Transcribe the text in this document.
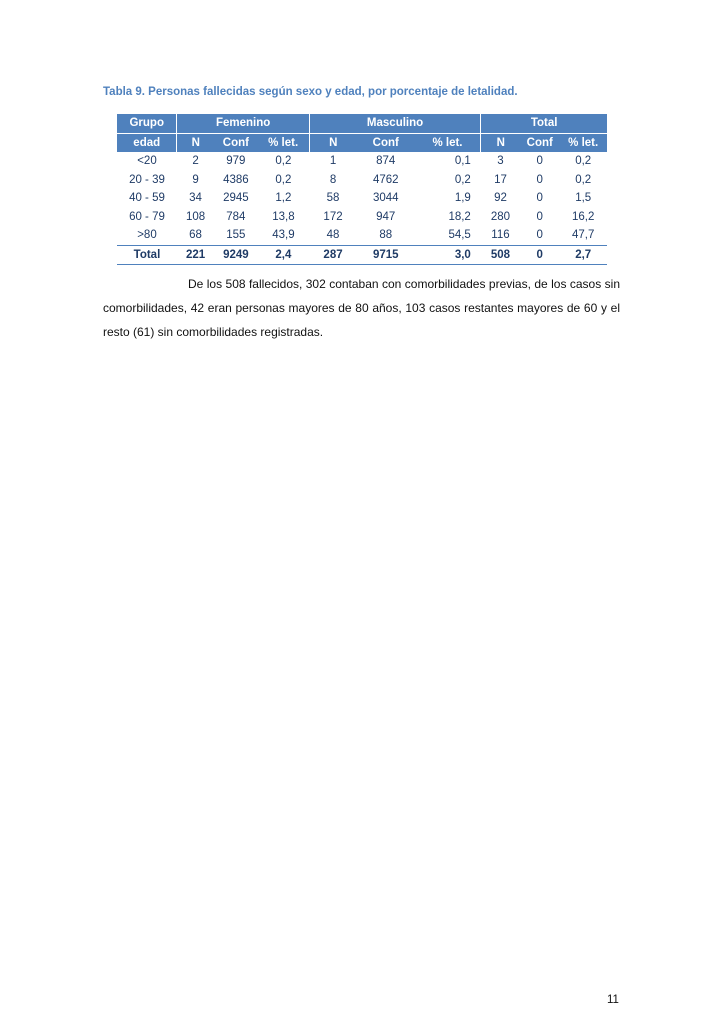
Tabla 9. Personas fallecidas según sexo y edad, por porcentaje de letalidad.
Grupo	Femenino			Masculino			Total		
edad	N	Conf	% let.	N	Conf	% let.	N	Conf	% let.
<20	2	979	0,2	1	874	0,1	3	0	0,2
20 - 39	9	4386	0,2	8	4762	0,2	17	0	0,2
40 - 59	34	2945	1,2	58	3044	1,9	92	0	1,5
60 - 79	108	784	13,8	172	947	18,2	280	0	16,2
>80	68	155	43,9	48	88	54,5	116	0	47,7
Total	221	9249	2,4	287	9715	3,0	508	0	2,7

De los 508 fallecidos, 302 contaban con comorbilidades previas, de los casos sin comorbilidades, 42 eran personas mayores de 80 años, 103 casos restantes mayores de 60 y el resto (61) sin comorbilidades registradas.

11
